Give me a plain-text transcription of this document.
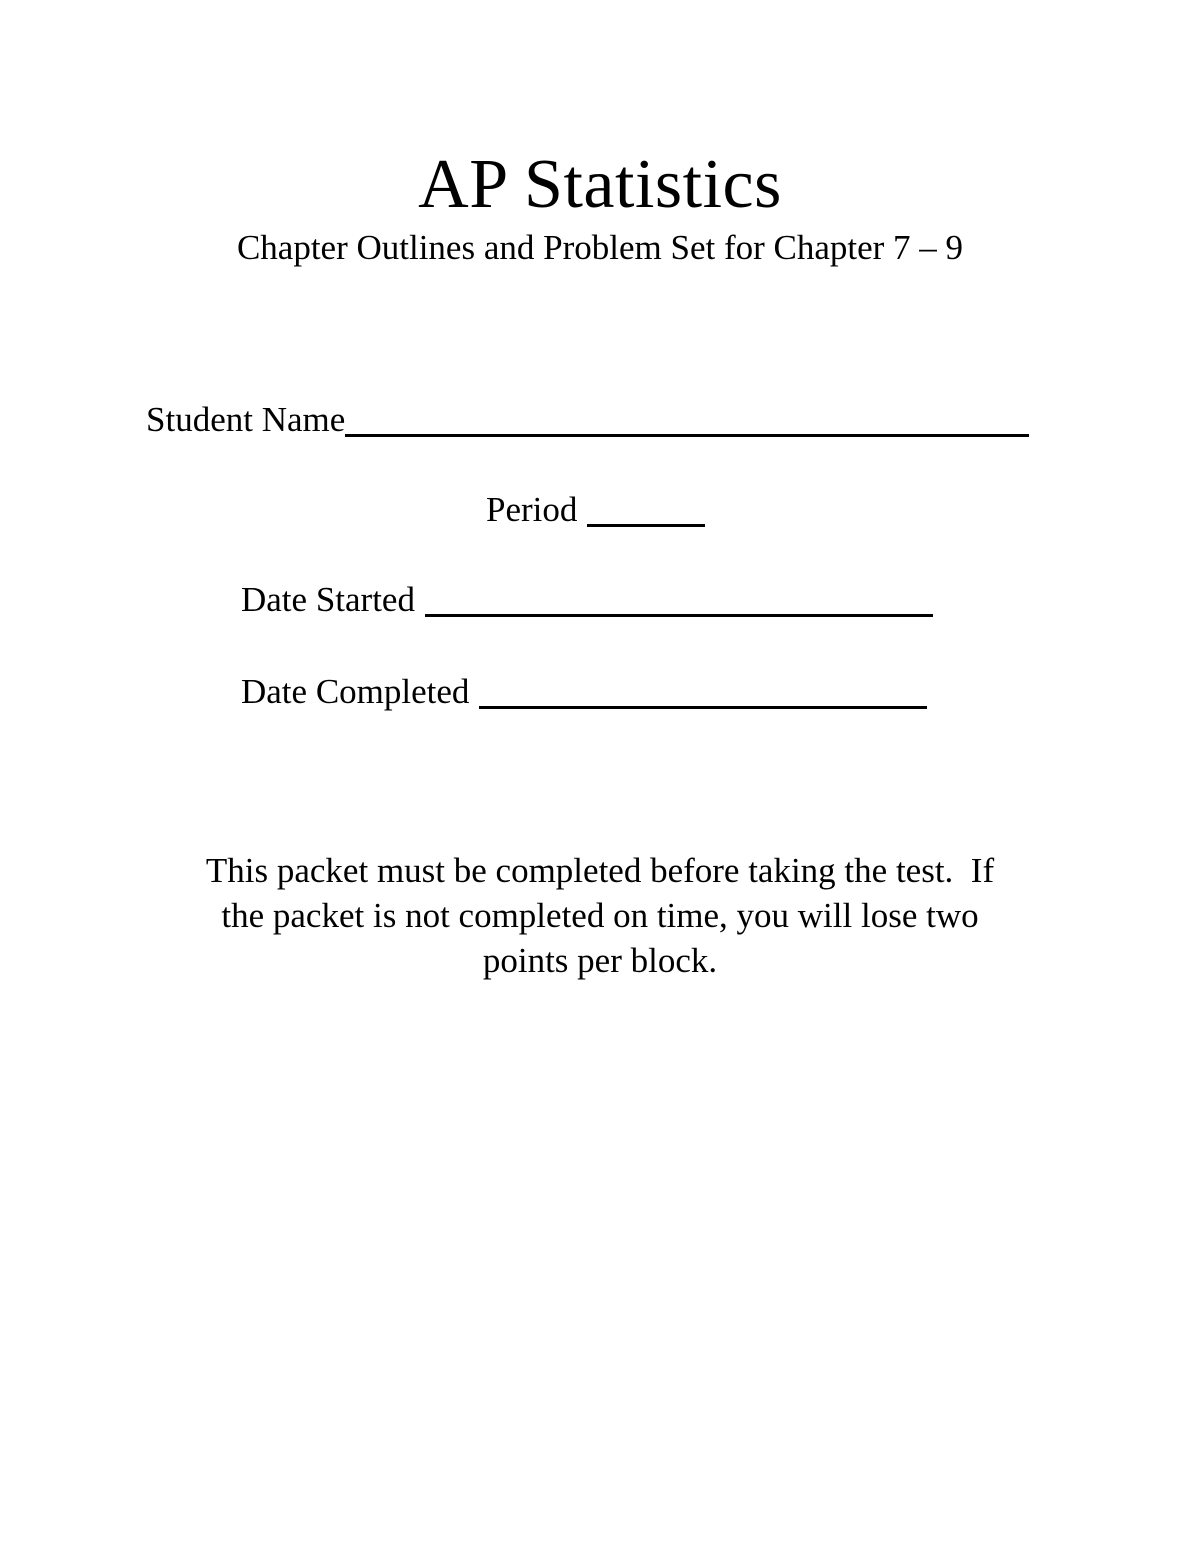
AP Statistics
Chapter Outlines and Problem Set for Chapter 7 – 9
Student Name
Period
Date Started
Date Completed
This packet must be completed before taking the test.  If
the packet is not completed on time, you will lose two
points per block.
